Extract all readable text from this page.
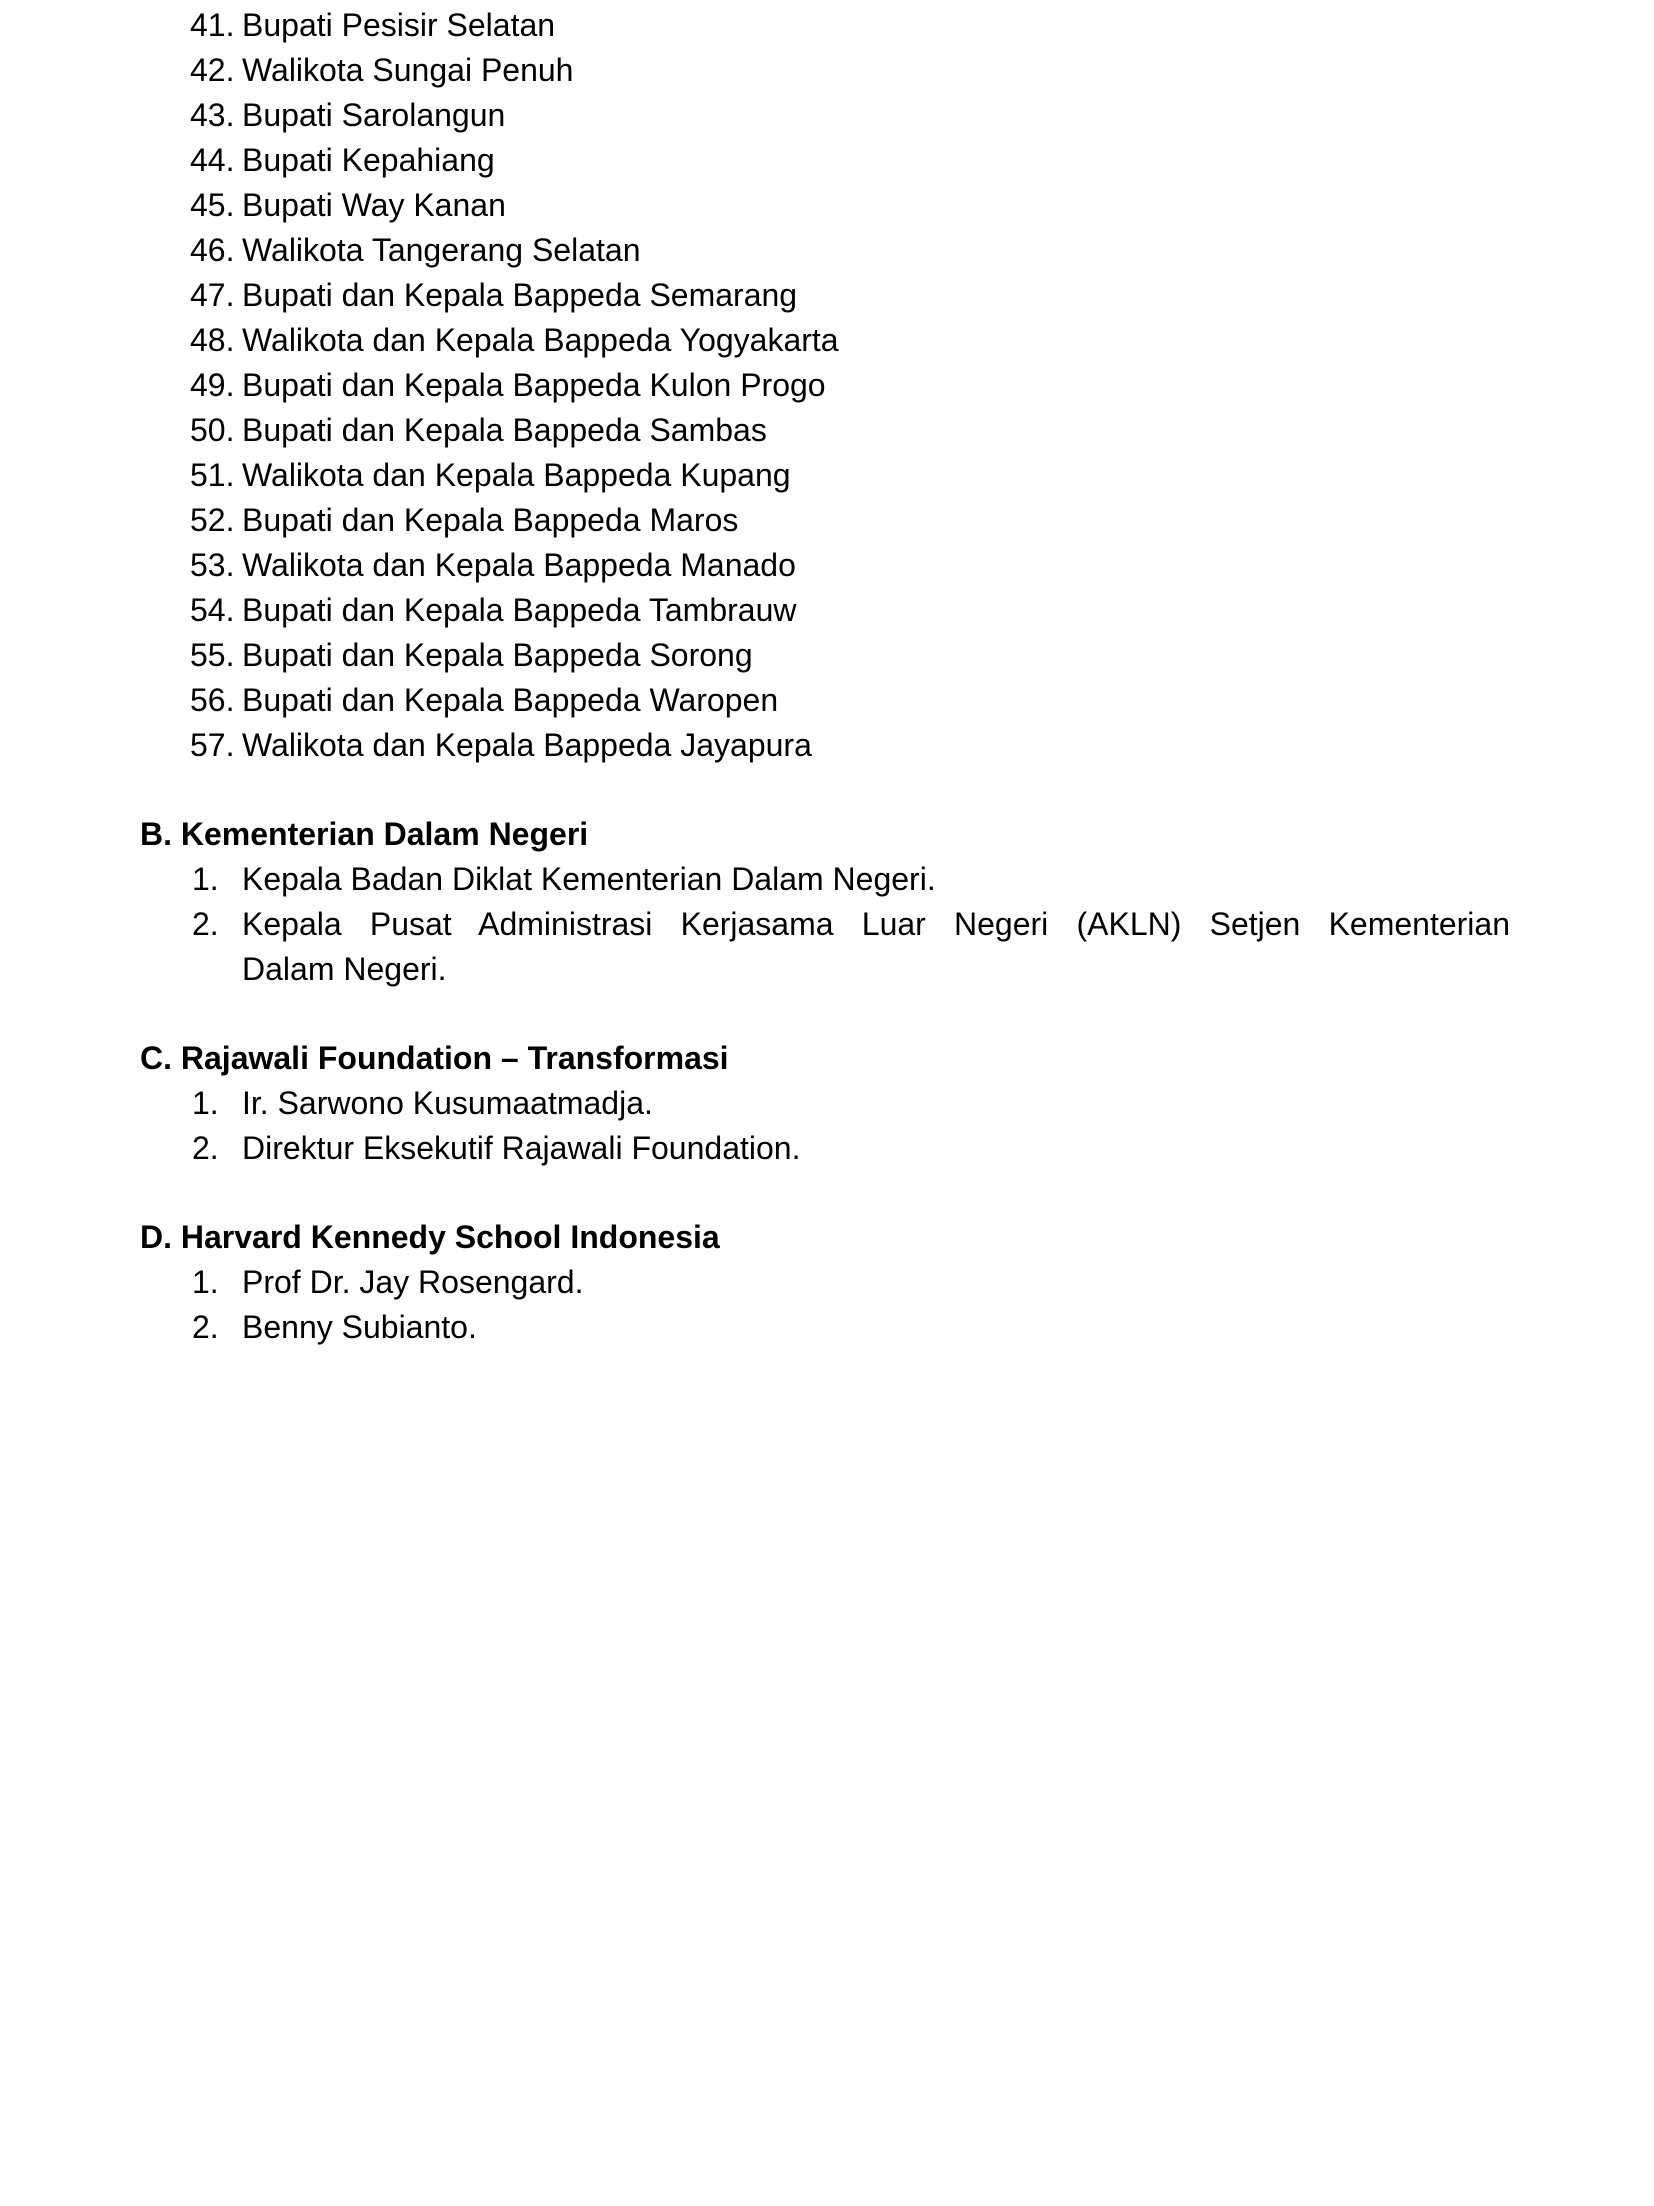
41. Bupati Pesisir Selatan
42. Walikota Sungai Penuh
43. Bupati Sarolangun
44. Bupati Kepahiang
45. Bupati Way Kanan
46. Walikota Tangerang Selatan
47. Bupati dan Kepala Bappeda Semarang
48. Walikota dan Kepala Bappeda Yogyakarta
49. Bupati dan Kepala Bappeda Kulon Progo
50. Bupati dan Kepala Bappeda Sambas
51. Walikota dan Kepala Bappeda Kupang
52. Bupati dan Kepala Bappeda Maros
53. Walikota dan Kepala Bappeda Manado
54. Bupati dan Kepala Bappeda Tambrauw
55. Bupati dan Kepala Bappeda Sorong
56. Bupati dan Kepala Bappeda Waropen
57. Walikota dan Kepala Bappeda Jayapura
B. Kementerian Dalam Negeri
1. Kepala Badan Diklat Kementerian Dalam Negeri.
2. Kepala Pusat Administrasi Kerjasama Luar Negeri (AKLN) Setjen Kementerian
Dalam Negeri.
C. Rajawali Foundation – Transformasi
1. Ir. Sarwono Kusumaatmadja.
2. Direktur Eksekutif Rajawali Foundation.
D. Harvard Kennedy School Indonesia
1. Prof Dr. Jay Rosengard.
2. Benny Subianto.
